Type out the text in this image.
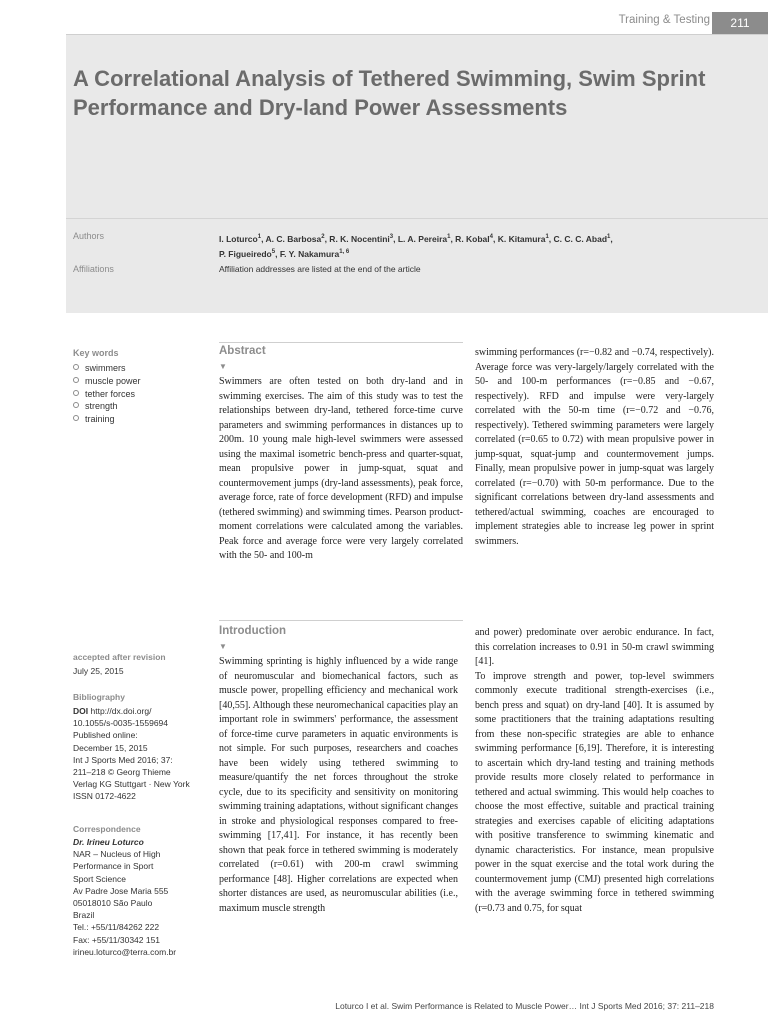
Training & Testing	211
A Correlational Analysis of Tethered Swimming, Swim Sprint Performance and Dry-land Power Assessments
Authors	I. Loturco$^1$, A. C. Barbosa$^2$, R. K. Nocentini$^3$, L. A. Pereira$^1$, R. Kobal$^4$, K. Kitamura$^1$, C. C. C. Abad$^1$,
P. Figueiredo$^5$, F. Y. Nakamura$^{1, 6}$
Affiliations	Affiliation addresses are listed at the end of the article
Key words
swimmers
muscle power
tether forces
strength
training
Abstract
▼
Swimmers are often tested on both dry-land and in swimming exercises. The aim of this study was to test the relationships between dry-land, tethered force-time curve parameters and swimming performances in distances up to 200m. 10 young male high-level swimmers were assessed using the maximal isometric bench-press and quarter-squat, mean propulsive power in jump-squat, squat and countermovement jumps (dry-land assessments), peak force, average force, rate of force development (RFD) and impulse (tethered swimming) and swimming times. Pearson product-moment correlations were calculated among the variables. Peak force and average force were very largely correlated with the 50- and 100-m
swimming performances (r=−0.82 and −0.74, respectively). Average force was very-largely/largely correlated with the 50- and 100-m performances (r=−0.85 and −0.67, respectively). RFD and impulse were very-largely correlated with the 50-m time (r=−0.72 and −0.76, respectively). Tethered swimming parameters were largely correlated (r=0.65 to 0.72) with mean propulsive power in jump-squat, squat-jump and countermovement jumps. Finally, mean propulsive power in jump-squat was largely correlated (r=−0.70) with 50-m performance. Due to the significant correlations between dry-land assessments and tethered/actual swimming, coaches are encouraged to implement strategies able to increase leg power in sprint swimmers.
Introduction
▼
Swimming sprinting is highly influenced by a wide range of neuromuscular and biomechanical factors, such as muscle power, propelling efficiency and mechanical work [40,55]. Although these neuromechanical capacities play an important role in swimmers' performance, the assessment of force-time curve parameters in aquatic environments is not simple. For such purposes, researchers and coaches have been widely using tethered swimming to measure/quantify the net forces throughout the stroke cycle, due to its specificity and sensitivity on monitoring swimming training adaptations, without significant changes in stroke and physiological responses compared to free-swimming [17,41]. For instance, it has recently been shown that peak force in tethered swimming is moderately correlated (r=0.61) with 200-m crawl swimming performance [48]. Higher correlations are expected when shorter distances are used, as neuromuscular abilities (i.e., maximum muscle strength

and power) predominate over aerobic endurance. In fact, this correlation increases to 0.91 in 50-m crawl swimming [41].

To improve strength and power, top-level swimmers commonly execute traditional strength-exercises (i.e., bench press and squat) on dry-land [40]. It is assumed by some practitioners that the training adaptations resulting from these non-specific strategies are able to enhance swimming performance [6,19]. Therefore, it is interesting to ascertain which dry-land testing and training methods provide results more closely related to performance in tethered and actual swimming. This would help coaches to choose the most effective, suitable and practical training strategies and exercises capable of eliciting adaptations with positive transference to swimming kinematic and dynamic characteristics. For instance, mean propulsive power in the squat exercise and the total work during the countermovement jump (CMJ) presented high correlations with the average swimming force in tethered swimming (r=0.73 and 0.75, for squat

accepted after revision
July 25, 2015
Bibliography
DOI http://dx.doi.org/
10.1055/s-0035-1559694
Published online:
December 15, 2015
Int J Sports Med 2016; 37:
211–218 © Georg Thieme
Verlag KG Stuttgart · New York
ISSN 0172-4622
Correspondence
Dr. Irineu Loturco
NAR – Nucleus of High
Performance in Sport
Sport Science
Av Padre Jose Maria 555
05018010 São Paulo
Brazil
Tel.: +55/11/84262 222
Fax: +55/11/30342 151
irineu.loturco@terra.com.br
Loturco I et al. Swim Performance is Related to Muscle Power… Int J Sports Med 2016; 37: 211–218
